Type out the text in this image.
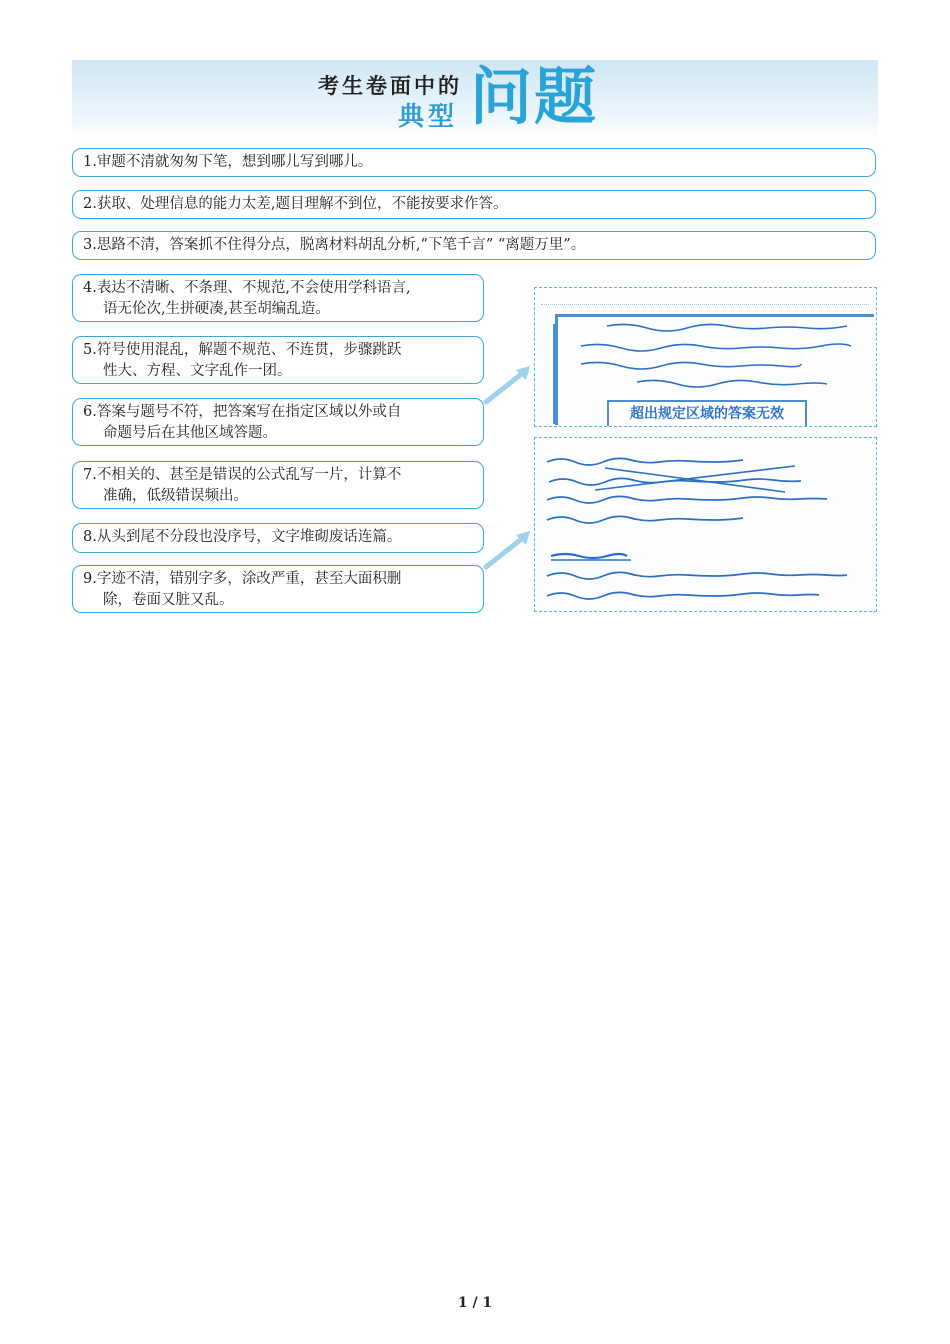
考生卷面中的
典型 问题
1.审题不清就匆匆下笔，想到哪儿写到哪儿。
2.获取、处理信息的能力太差,题目理解不到位，不能按要求作答。
3.思路不清，答案抓不住得分点，脱离材料胡乱分析,“下笔千言” “离题万里”。
4.表达不清晰、不条理、不规范,不会使用学科语言,
语无伦次,生拼硬凑,甚至胡编乱造。
5.符号使用混乱，解题不规范、不连贯，步骤跳跃
性大、方程、文字乱作一团。
6.答案与题号不符，把答案写在指定区域以外或自
命题号后在其他区域答题。
7.不相关的、甚至是错误的公式乱写一片，计算不
准确，低级错误频出。
8.从头到尾不分段也没序号，文字堆砌废话连篇。
9.字迹不清，错别字多，涂改严重，甚至大面积删
除，卷面又脏又乱。
超出规定区域的答案无效
1 / 1
